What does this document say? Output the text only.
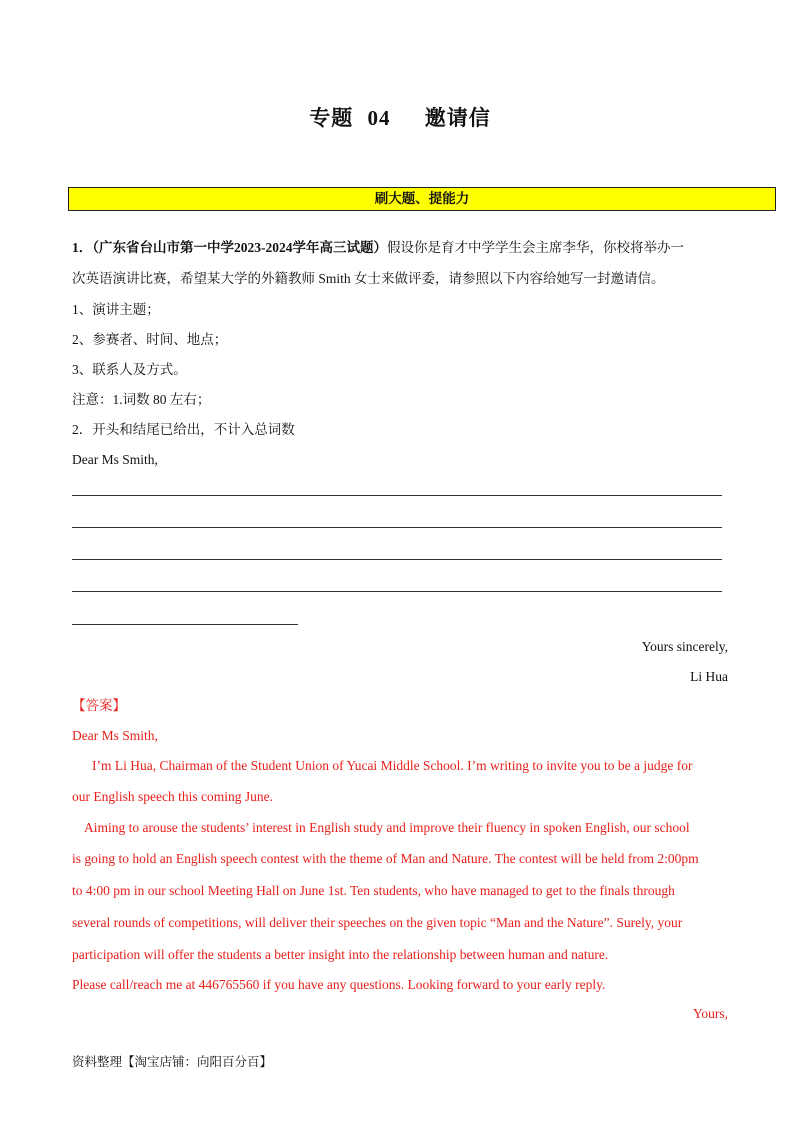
专题 04 邀请信
刷大题、提能力
1．（广东省台山市第一中学2023-2024学年高三试题）假设你是育才中学学生会主席李华，你校将举办一
次英语演讲比赛，希望某大学的外籍教师 Smith 女士来做评委，请参照以下内容给她写一封邀请信。
1、演讲主题；
2、参赛者、时间、地点；
3、联系人及方式。
注意：1.词数 80 左右；
2．开头和结尾已给出，不计入总词数
Dear Ms Smith,
Yours sincerely,
Li Hua
【答案】
Dear Ms Smith,
I’m Li Hua, Chairman of the Student Union of Yucai Middle School. I’m writing to invite you to be a judge for
our English speech this coming June.
Aiming to arouse the students’ interest in English study and improve their fluency in spoken English, our school
is going to hold an English speech contest with the theme of Man and Nature. The contest will be held from 2:00pm
to 4:00 pm in our school Meeting Hall on June 1st. Ten students, who have managed to get to the finals through
several rounds of competitions, will deliver their speeches on the given topic “Man and the Nature”. Surely, your
participation will offer the students a better insight into the relationship between human and nature.
Please call/reach me at 446765560 if you have any questions. Looking forward to your early reply.
Yours,
资料整理【淘宝店铺：向阳百分百】
